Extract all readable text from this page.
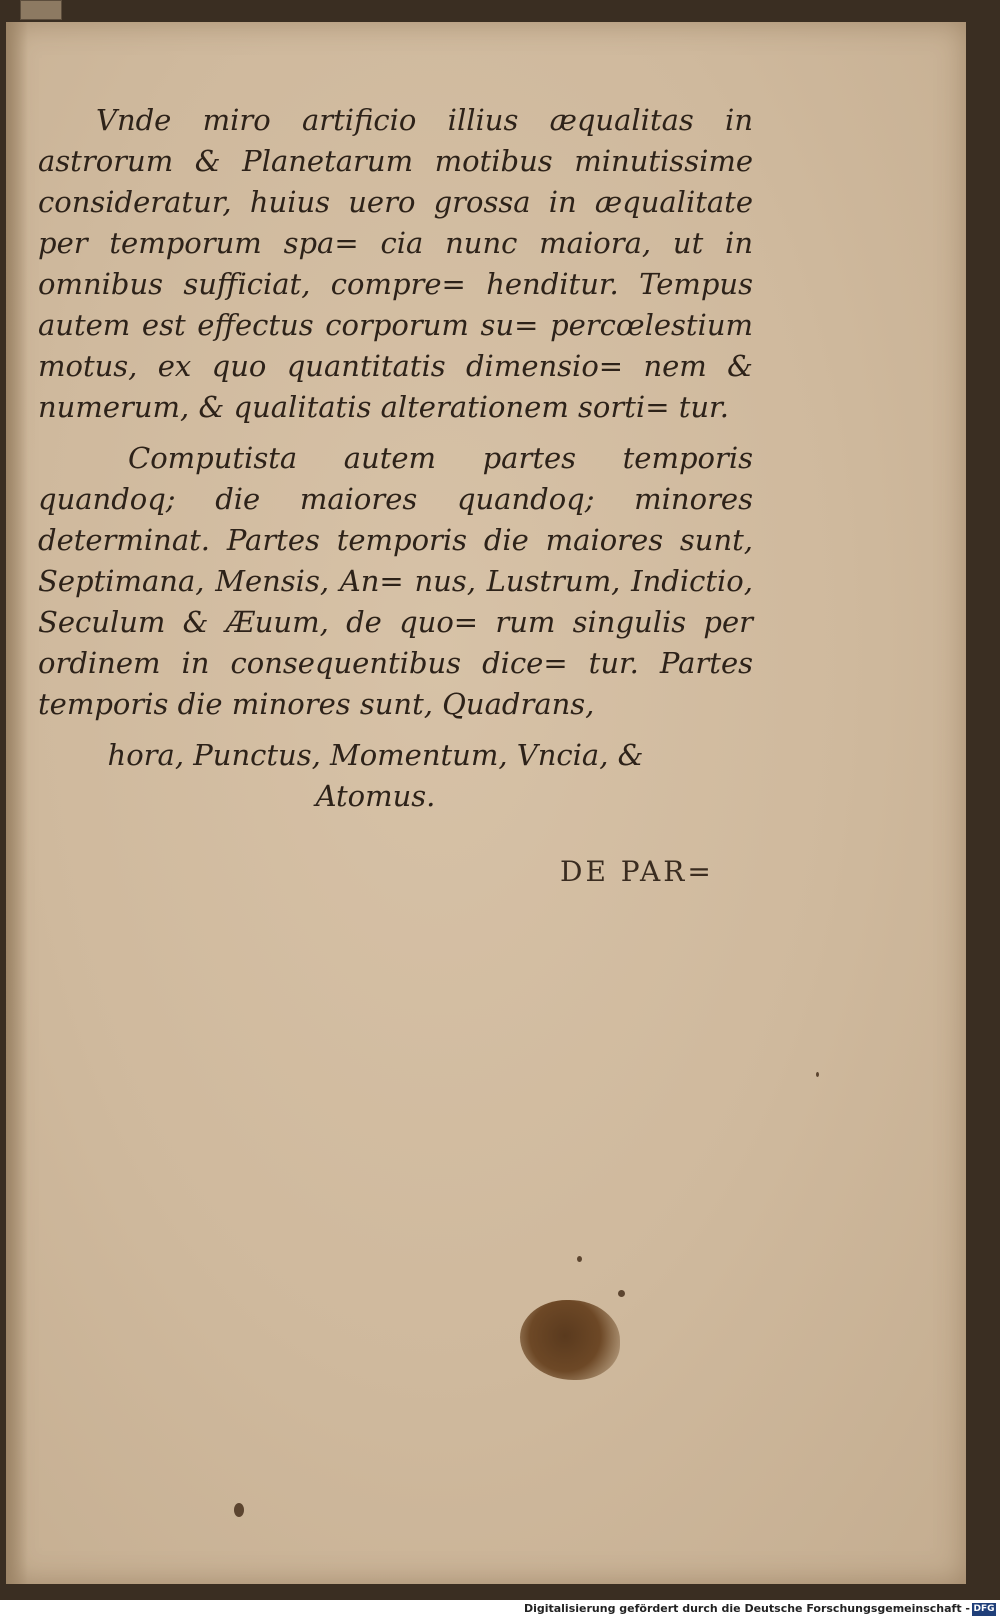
Vnde miro artificio illius æqualitas in astrorum & Planetarum motibus minutissime consideratur, huius uero grossa in æqualitate per temporum spa= cia nunc maiora, ut in omnibus sufficiat, compre= henditur. Tempus autem est effectus corporum su= percœlestium motus, ex quo quantitatis dimensio= nem & numerum, & qualitatis alterationem sorti= tur.
Computista autem partes temporis quandoq; die maiores quandoq; minores determinat. Partes temporis die maiores sunt, Septimana, Mensis, An= nus, Lustrum, Indictio, Seculum & Æuum, de quo= rum singulis per ordinem in consequentibus dice= tur. Partes temporis die minores sunt, Quadrans,
hora, Punctus, Momentum, Vncia, &
Atomus.
DE PAR=
Digitalisierung gefördert durch die Deutsche Forschungsgemeinschaft - DFG
